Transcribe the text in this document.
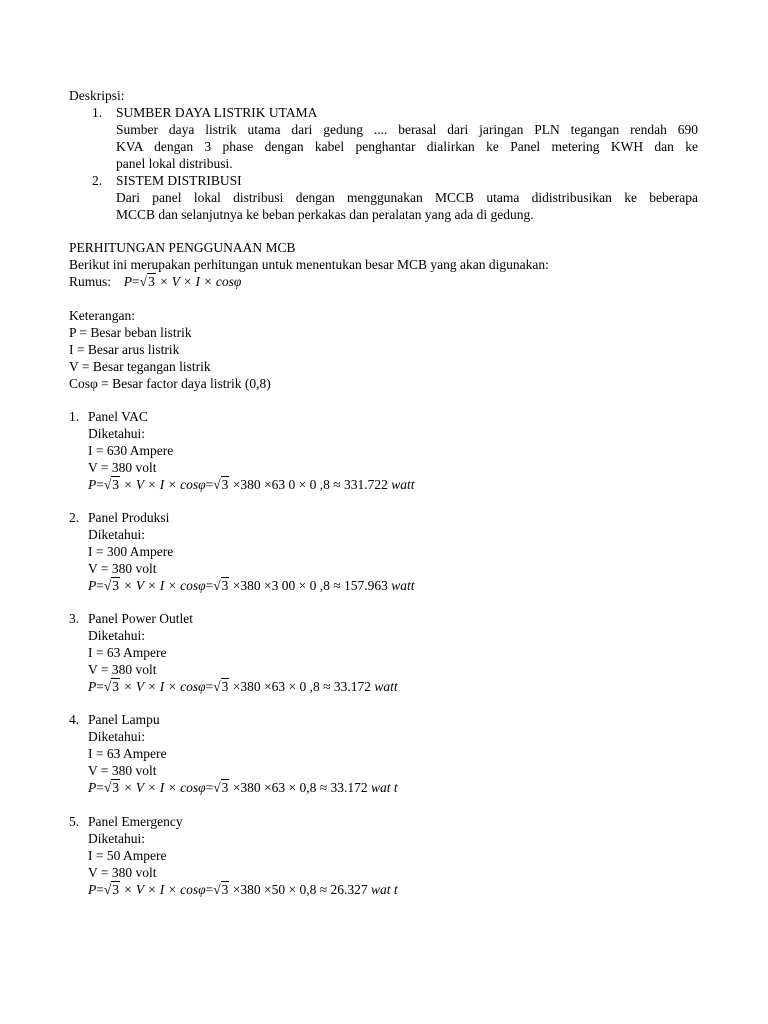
Deskripsi:
1. SUMBER DAYA LISTRIK UTAMA
Sumber daya listrik utama dari gedung .... berasal dari jaringan PLN tegangan rendah 690
KVA dengan 3 phase dengan kabel penghantar dialirkan ke Panel metering KWH dan ke
panel lokal distribusi.
2. SISTEM DISTRIBUSI
Dari panel lokal distribusi dengan menggunakan MCCB utama didistribusikan ke beberapa
MCCB dan selanjutnya ke beban perkakas dan peralatan yang ada di gedung.
PERHITUNGAN PENGGUNAAN MCB
Berikut ini merupakan perhitungan untuk menentukan besar MCB yang akan digunakan:
Rumus: P=√3 × V × I × cosφ
Keterangan:
P = Besar beban listrik
I = Besar arus listrik
V = Besar tegangan listrik
Cosφ = Besar factor daya listrik (0,8)
1. Panel VAC
Diketahui:
I = 630 Ampere
V = 380 volt
P=√3 × V × I × cosφ=√3 ×380 ×63 0 × 0 ,8 ≈ 331.722 watt
2. Panel Produksi
Diketahui:
I = 300 Ampere
V = 380 volt
P=√3 × V × I × cosφ=√3 ×380 ×3 00 × 0 ,8 ≈ 157.963 watt
3. Panel Power Outlet
Diketahui:
I = 63 Ampere
V = 380 volt
P=√3 × V × I × cosφ=√3 ×380 ×63 × 0 ,8 ≈ 33.172 watt
4. Panel Lampu
Diketahui:
I = 63 Ampere
V = 380 volt
P=√3 × V × I × cosφ=√3 ×380 ×63 × 0,8 ≈ 33.172 wat t
5. Panel Emergency
Diketahui:
I = 50 Ampere
V = 380 volt
P=√3 × V × I × cosφ=√3 ×380 ×50 × 0,8 ≈ 26.327 wat t
